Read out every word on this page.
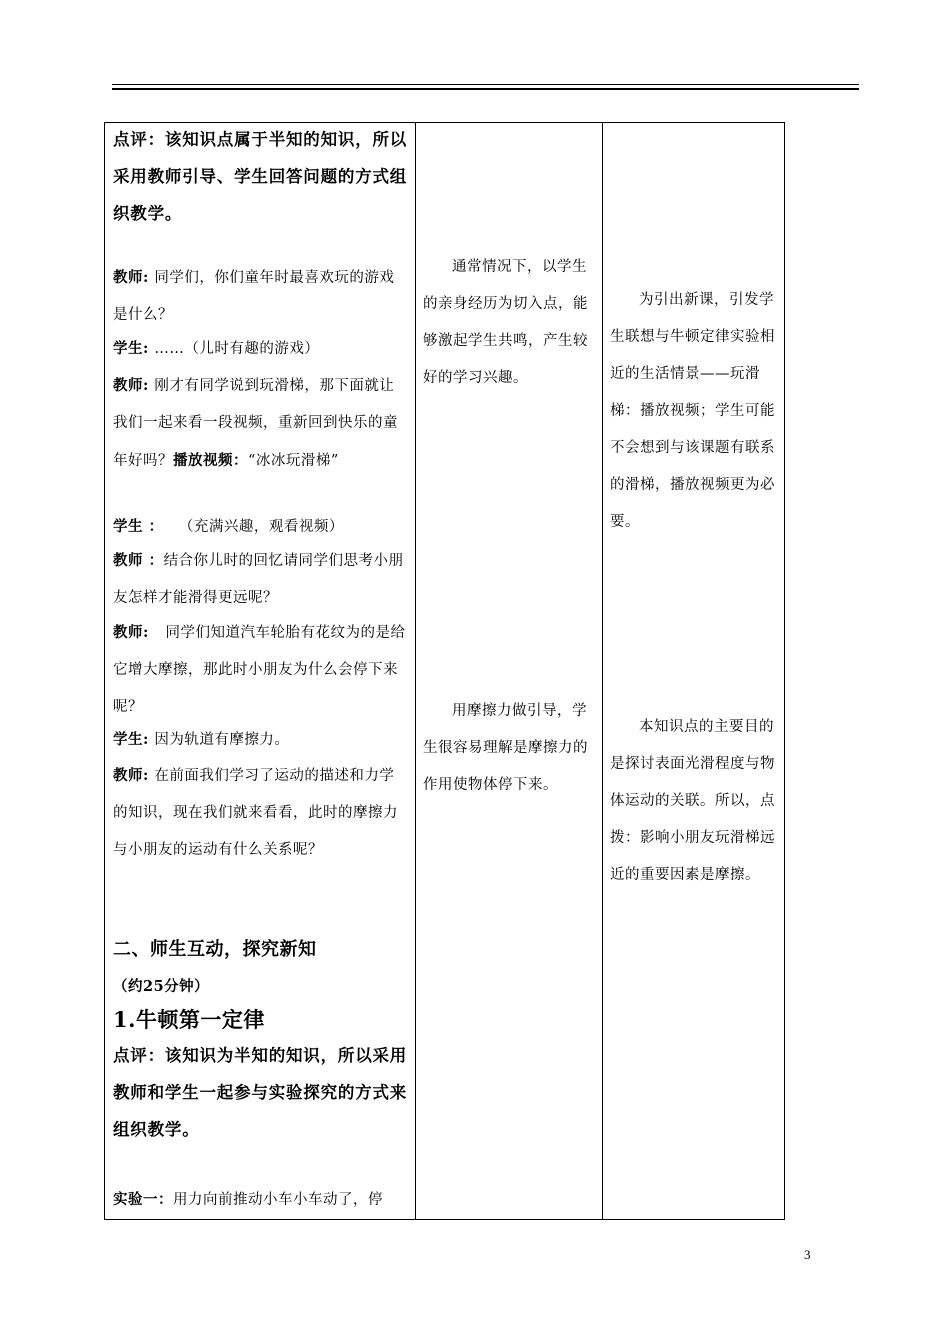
点评：该知识点属于半知的知识，所以采用教师引导、学生回答问题的方式组织教学。
教师: 同学们，你们童年时最喜欢玩的游戏是什么？
学生: ……（儿时有趣的游戏）
教师: 刚才有同学说到玩滑梯，那下面就让我们一起来看一段视频，重新回到快乐的童年好吗？播放视频：“冰冰玩滑梯”
学生 ： （充满兴趣，观看视频）
教师 ：结合你儿时的回忆请同学们思考小朋友怎样才能滑得更远呢？
教师:   同学们知道汽车轮胎有花纹为的是给它增大摩擦，那此时小朋友为什么会停下来呢？
学生: 因为轨道有摩擦力。
教师: 在前面我们学习了运动的描述和力学的知识，现在我们就来看看，此时的摩擦力与小朋友的运动有什么关系呢？
二、师生互动，探究新知（约25分钟）
1.牛顿第一定律
点评：该知识为半知的知识，所以采用教师和学生一起参与实验探究的方式来组织教学。
实验一：用力向前推动小车小车动了，停
通常情况下，以学生的亲身经历为切入点，能够激起学生共鸣，产生较好的学习兴趣。
用摩擦力做引导，学生很容易理解是摩擦力的作用使物体停下来。
为引出新课，引发学生联想与牛顿定律实验相近的生活情景——玩滑梯：播放视频；学生可能不会想到与该课题有联系的滑梯，播放视频更为必要。
本知识点的主要目的是探讨表面光滑程度与物体运动的关联。所以，点拨：影响小朋友玩滑梯远近的重要因素是摩擦。
3
